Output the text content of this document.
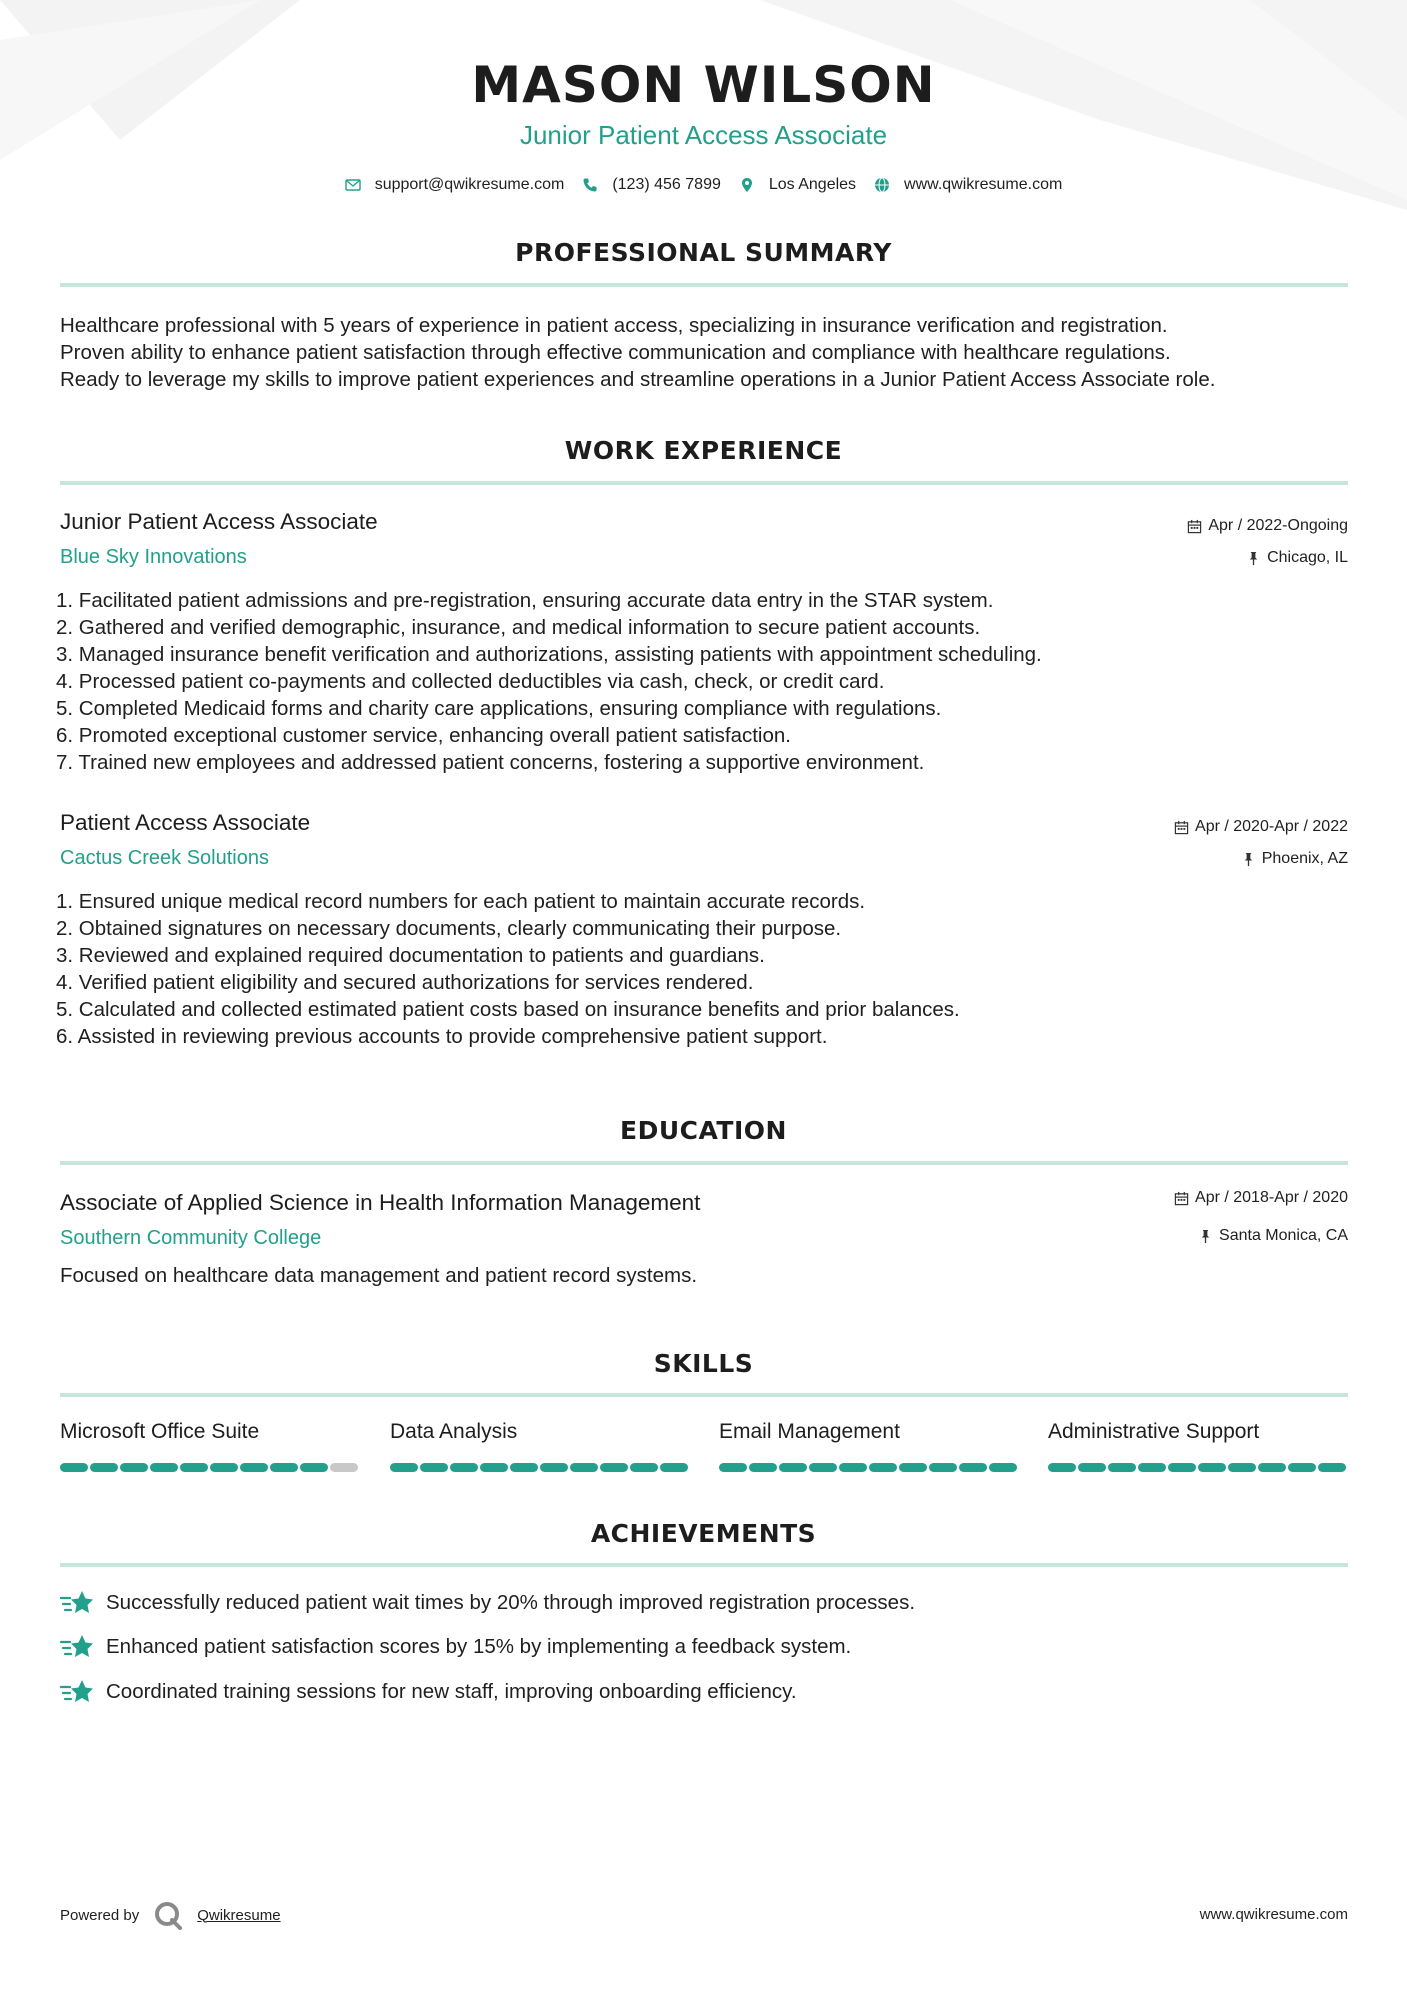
MASON WILSON
Junior Patient Access Associate
support@qwikresume.com	(123) 456 7899	Los Angeles	www.qwikresume.com
PROFESSIONAL SUMMARY
Healthcare professional with 5 years of experience in patient access, specializing in insurance verification and registration.
Proven ability to enhance patient satisfaction through effective communication and compliance with healthcare regulations.
Ready to leverage my skills to improve patient experiences and streamline operations in a Junior Patient Access Associate role.
WORK EXPERIENCE
Junior Patient Access Associate
Blue Sky Innovations
Apr / 2022-Ongoing
Chicago, IL
1. Facilitated patient admissions and pre-registration, ensuring accurate data entry in the STAR system.
2. Gathered and verified demographic, insurance, and medical information to secure patient accounts.
3. Managed insurance benefit verification and authorizations, assisting patients with appointment scheduling.
4. Processed patient co-payments and collected deductibles via cash, check, or credit card.
5. Completed Medicaid forms and charity care applications, ensuring compliance with regulations.
6. Promoted exceptional customer service, enhancing overall patient satisfaction.
7. Trained new employees and addressed patient concerns, fostering a supportive environment.
Patient Access Associate
Cactus Creek Solutions
Apr / 2020-Apr / 2022
Phoenix, AZ
1. Ensured unique medical record numbers for each patient to maintain accurate records.
2. Obtained signatures on necessary documents, clearly communicating their purpose.
3. Reviewed and explained required documentation to patients and guardians.
4. Verified patient eligibility and secured authorizations for services rendered.
5. Calculated and collected estimated patient costs based on insurance benefits and prior balances.
6. Assisted in reviewing previous accounts to provide comprehensive patient support.
EDUCATION
Associate of Applied Science in Health Information Management
Southern Community College
Apr / 2018-Apr / 2020
Santa Monica, CA
Focused on healthcare data management and patient record systems.
SKILLS
Microsoft Office Suite	Data Analysis	Email Management	Administrative Support
ACHIEVEMENTS
Successfully reduced patient wait times by 20% through improved registration processes.
Enhanced patient satisfaction scores by 15% by implementing a feedback system.
Coordinated training sessions for new staff, improving onboarding efficiency.
Powered by	Qwikresume	www.qwikresume.com
